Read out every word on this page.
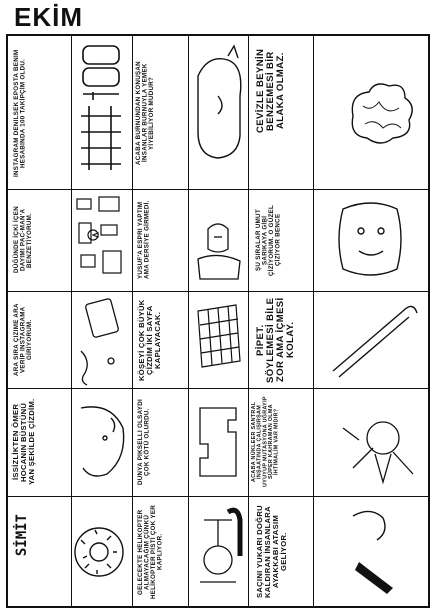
EKİM
INSTAGRAM DENİLSEK EPOSTA BENİM HESABINDA 100 TAKİPÇİM OLDU.	ACABA BURNUNDAN KONUŞAN İNSANLAR BURNUYLA YEMEK YİYEBİLİYOR MUDUR?	CEVİZLE BEYNİN BENZEMESİ BİR ALAKA OLMAZ.
DÜĞÜNDE İÇKİ İÇEN DAYIMI PAC-MAN'A BENZETİYORUM.	YUSUF'A ESPRİ YAPTIM AMA DERSİYE GİRMEDİ.	ŞU SIRALAR UMUT SARIKAYA GİBİ ÇİZİYORUM. O GÜZEL ÇİZİYOR BENCE
ARA SIRA ÇİZİME ARA VERİP INSTAGRAMA GİRİYORUM.	KÖŞEYİ ÇOK BÜYÜK ÇİZDİM İKİ SAYFA KAPLAYACAK.	PİPET. SÖYLEMESİ BİLE ZOR AMA İÇMESİ KOLAY.
İSSİZLİKTEN ÖMER HOCANIN BÜSTÜNÜ YAN ŞEKİLDE ÇİZDİM.	DÜNYA PİKSELLİ OLSAYDI ÇOK KÖTÜ OLURDU.	ACABA NÜKLEER SANTRAL İNŞAATINDA ÇALIŞIRSAM UYUYUP MUTASYONA UĞRAYIP SÜPER KAHRAMAN OLMA İHTİMALİM VAR MIDIR?
SİMİT	GELECEKTE HELİKOPTER ALMAYACAĞIM ÇÜNKÜ HELİKOPTER PİSTİ ÇOK YER KAPLIYOR.	SAÇINI YUKARI DOĞRU KALDIRAN İNSANLARA AYAKKABI ATASIM GELİYOR.
